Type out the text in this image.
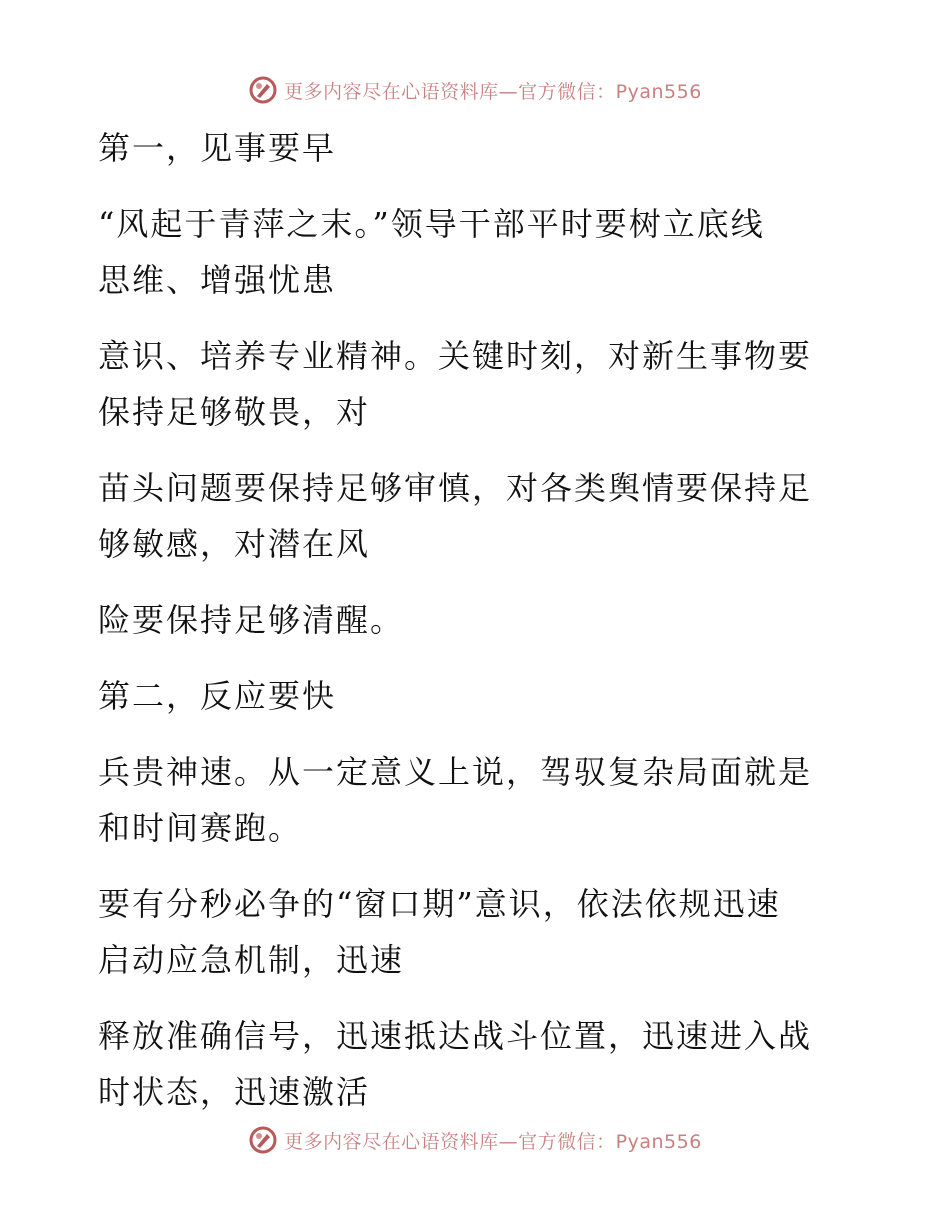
更多内容尽在心语资料库—官方微信：Pyan556
第一，见事要早
“风起于青萍之末。”领导干部平时要树立底线
思维、增强忧患
意识、培养专业精神。关键时刻，对新生事物要
保持足够敬畏，对
苗头问题要保持足够审慎，对各类舆情要保持足
够敏感，对潜在风
险要保持足够清醒。
第二，反应要快
兵贵神速。从一定意义上说，驾驭复杂局面就是
和时间赛跑。
要有分秒必争的“窗口期”意识，依法依规迅速
启动应急机制，迅速
释放准确信号，迅速抵达战斗位置，迅速进入战
时状态，迅速激活
更多内容尽在心语资料库—官方微信：Pyan556
